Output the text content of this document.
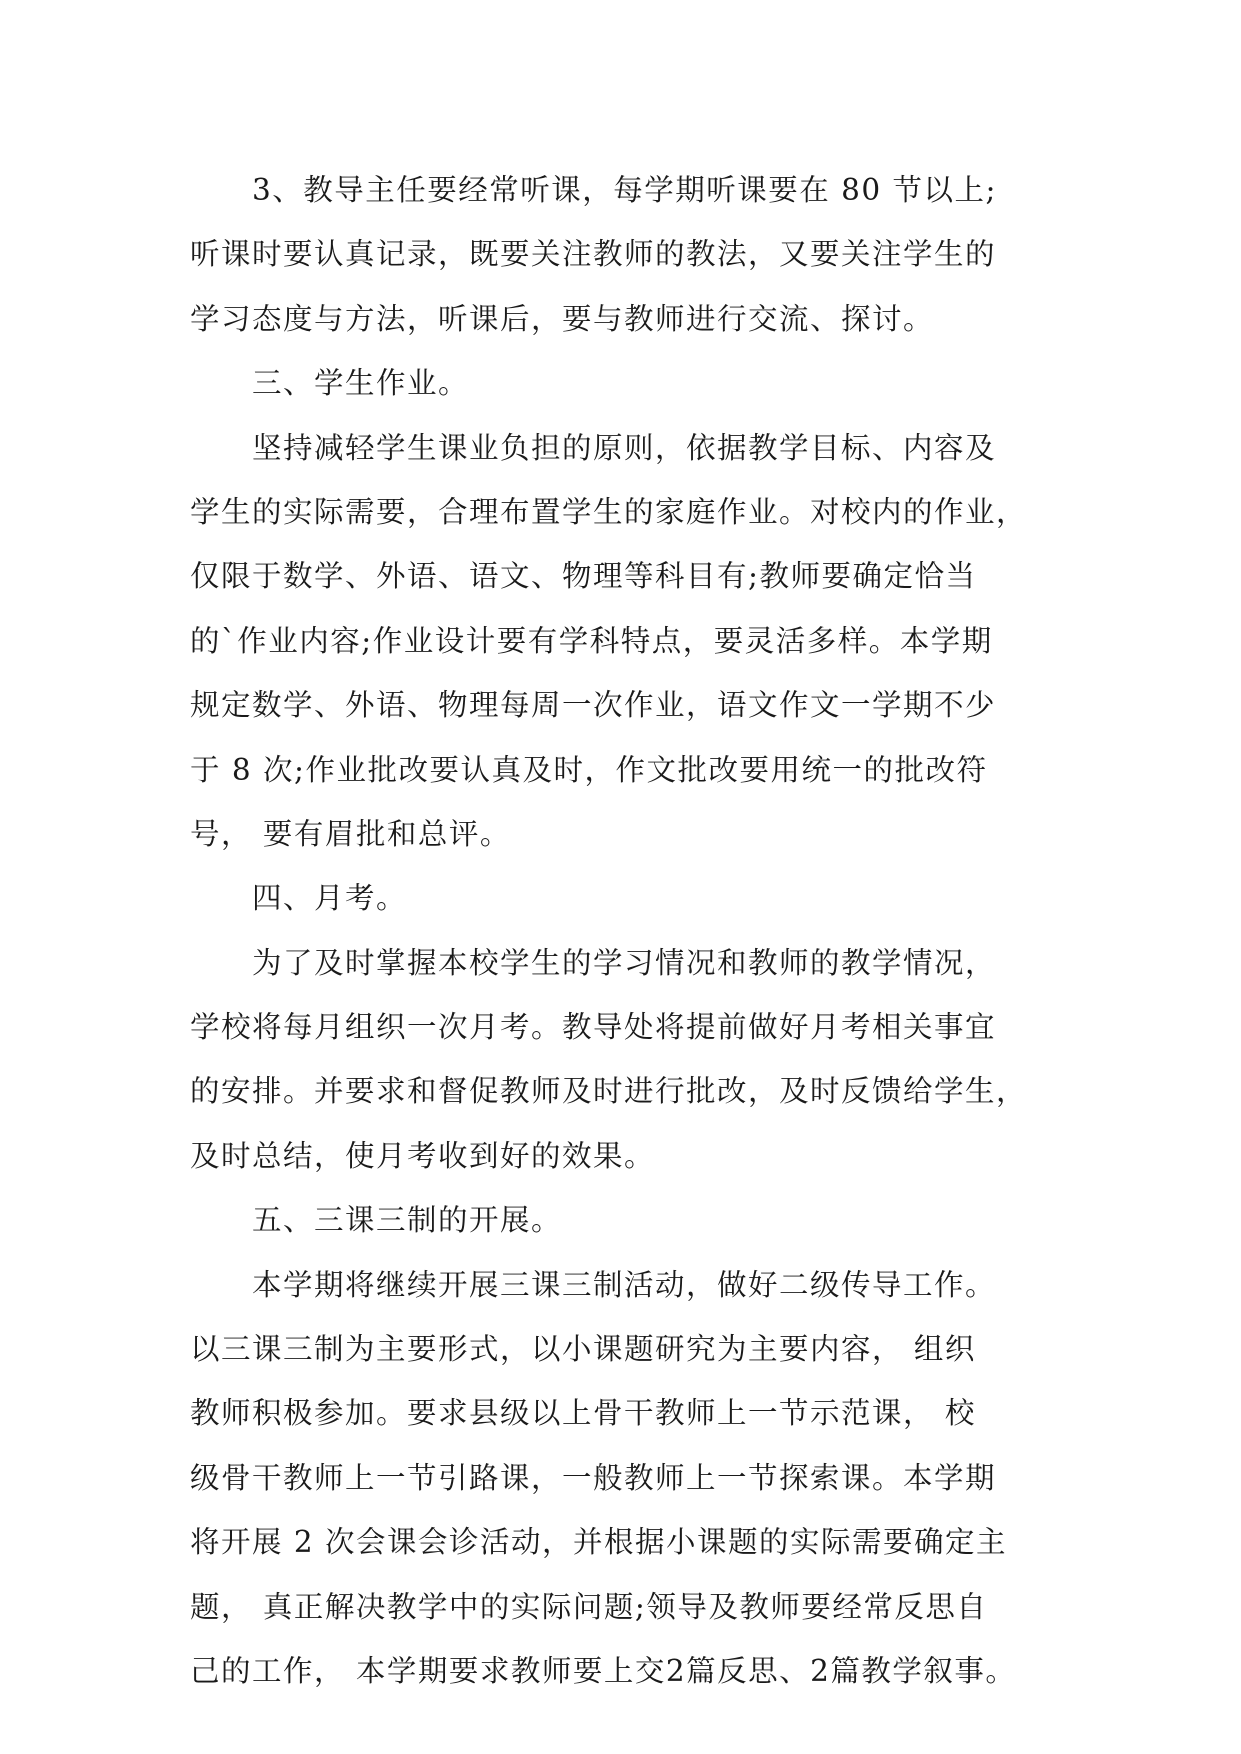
3、教导主任要经常听课，每学期听课要在 80 节以上;
听课时要认真记录，既要关注教师的教法，又要关注学生的
学习态度与方法，听课后，要与教师进行交流、探讨。
三、学生作业。
坚持减轻学生课业负担的原则，依据教学目标、内容及
学生的实际需要，合理布置学生的家庭作业。对校内的作业，
仅限于数学、外语、语文、物理等科目有;教师要确定恰当
的`作业内容;作业设计要有学科特点，要灵活多样。本学期
规定数学、外语、物理每周一次作业，语文作文一学期不少
于 8 次;作业批改要认真及时，作文批改要用统一的批改符
号， 要有眉批和总评。
四、月考。
为了及时掌握本校学生的学习情况和教师的教学情况，
学校将每月组织一次月考。教导处将提前做好月考相关事宜
的安排。并要求和督促教师及时进行批改，及时反馈给学生，
及时总结，使月考收到好的效果。
五、三课三制的开展。
本学期将继续开展三课三制活动，做好二级传导工作。
以三课三制为主要形式，以小课题研究为主要内容， 组织
教师积极参加。要求县级以上骨干教师上一节示范课， 校
级骨干教师上一节引路课，一般教师上一节探索课。本学期
将开展 2 次会课会诊活动，并根据小课题的实际需要确定主
题， 真正解决教学中的实际问题;领导及教师要经常反思自
己的工作， 本学期要求教师要上交2篇反思、2篇教学叙事。
